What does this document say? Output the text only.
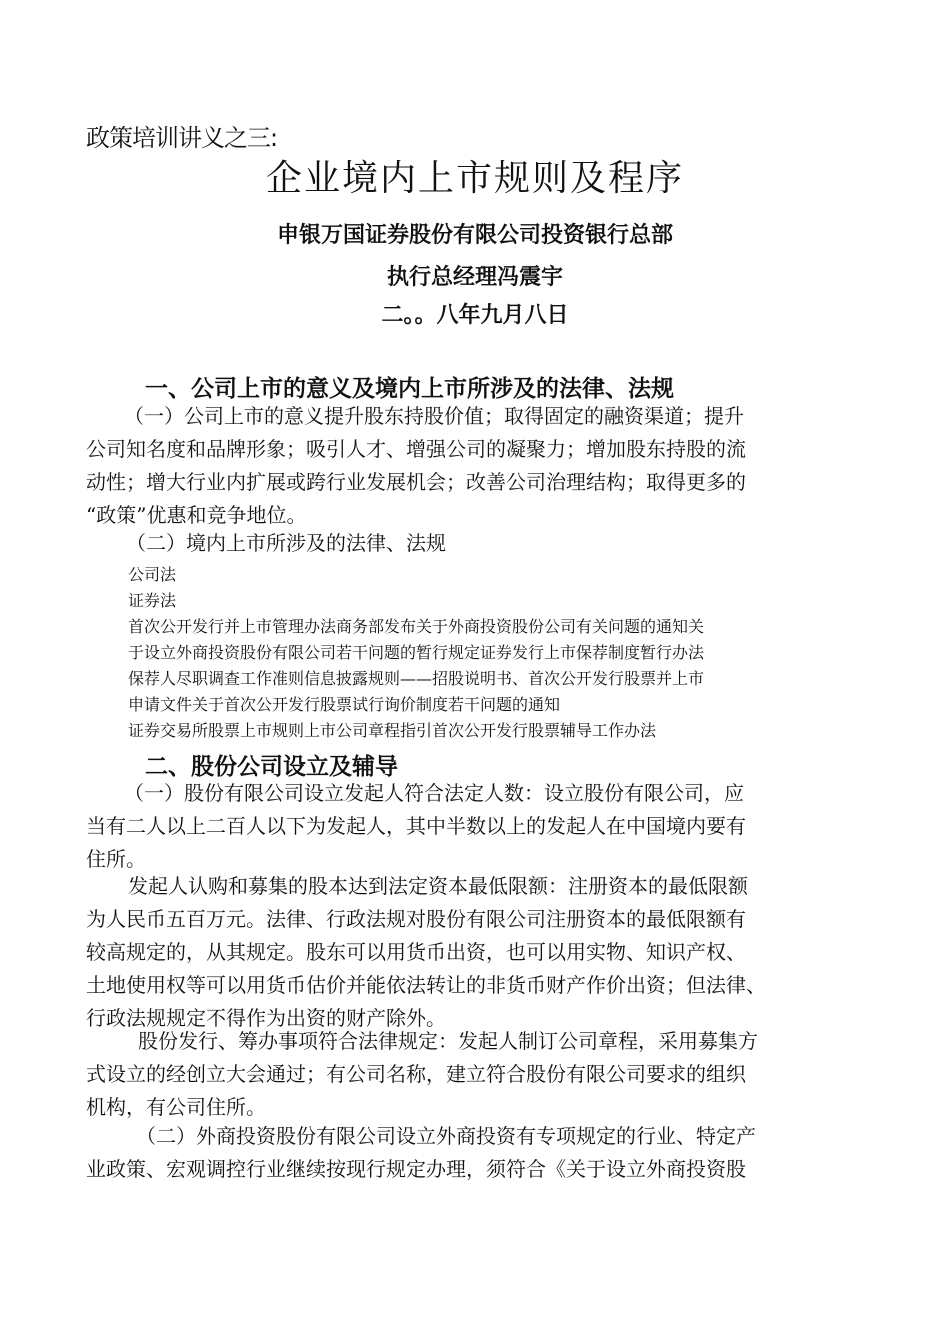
政策培训讲义之三:
企业境内上市规则及程序
申银万国证券股份有限公司投资银行总部
执行总经理冯震宇
二。。八年九月八日
一、公司上市的意义及境内上市所涉及的法律、法规
（一）公司上市的意义提升股东持股价值；取得固定的融资渠道；提升
公司知名度和品牌形象；吸引人才、增强公司的凝聚力；增加股东持股的流
动性；增大行业内扩展或跨行业发展机会；改善公司治理结构；取得更多的
“政策”优惠和竞争地位。
（二）境内上市所涉及的法律、法规
公司法
证券法
首次公开发行并上市管理办法商务部发布关于外商投资股份公司有关问题的通知关
于设立外商投资股份有限公司若干问题的暂行规定证券发行上市保荐制度暂行办法
保荐人尽职调查工作准则信息披露规则——招股说明书、首次公开发行股票并上市
申请文件关于首次公开发行股票试行询价制度若干问题的通知
证券交易所股票上市规则上市公司章程指引首次公开发行股票辅导工作办法
二、股份公司设立及辅导
（一）股份有限公司设立发起人符合法定人数：设立股份有限公司，应
当有二人以上二百人以下为发起人，其中半数以上的发起人在中国境内要有
住所。
发起人认购和募集的股本达到法定资本最低限额：注册资本的最低限额
为人民币五百万元。法律、行政法规对股份有限公司注册资本的最低限额有
较高规定的，从其规定。股东可以用货币出资，也可以用实物、知识产权、
土地使用权等可以用货币估价并能依法转让的非货币财产作价出资；但法律、
行政法规规定不得作为出资的财产除外。
股份发行、筹办事项符合法律规定：发起人制订公司章程，采用募集方
式设立的经创立大会通过；有公司名称，建立符合股份有限公司要求的组织
机构，有公司住所。
（二）外商投资股份有限公司设立外商投资有专项规定的行业、特定产
业政策、宏观调控行业继续按现行规定办理，须符合《关于设立外商投资股
